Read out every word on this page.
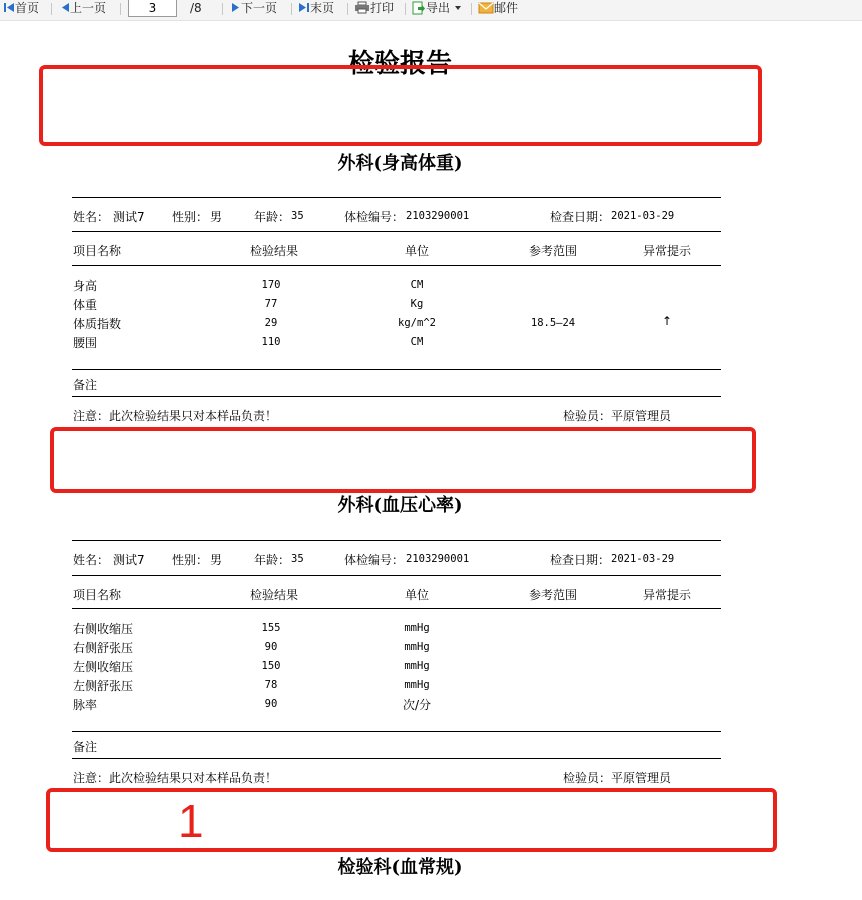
首页	上一页
3	/8	下一页	末页	打印	导出	邮件
检验报告
1
外科(身高体重)
姓名： 测试7 性别： 男	年龄： 35	体检编号： 2103290001	检查日期： 2021-03-29
项目名称	检验结果	单位	参考范围	异常提示
身高	170	CM
体重	77	Kg
体质指数	29	kg/m^2	18.5—24	↑
腰围	110	CM
备注
注意：此次检验结果只对本样品负责！	检验员： 平原管理员
外科(血压心率)
姓名： 测试7 性别： 男	年龄： 35	体检编号： 2103290001	检查日期： 2021-03-29
项目名称	检验结果	单位	参考范围	异常提示
右侧收缩压	155	mmHg
右侧舒张压	90	mmHg
左侧收缩压	150	mmHg
左侧舒张压	78	mmHg
脉率	90	次/分
备注
注意：此次检验结果只对本样品负责！	检验员： 平原管理员
检验科(血常规)
